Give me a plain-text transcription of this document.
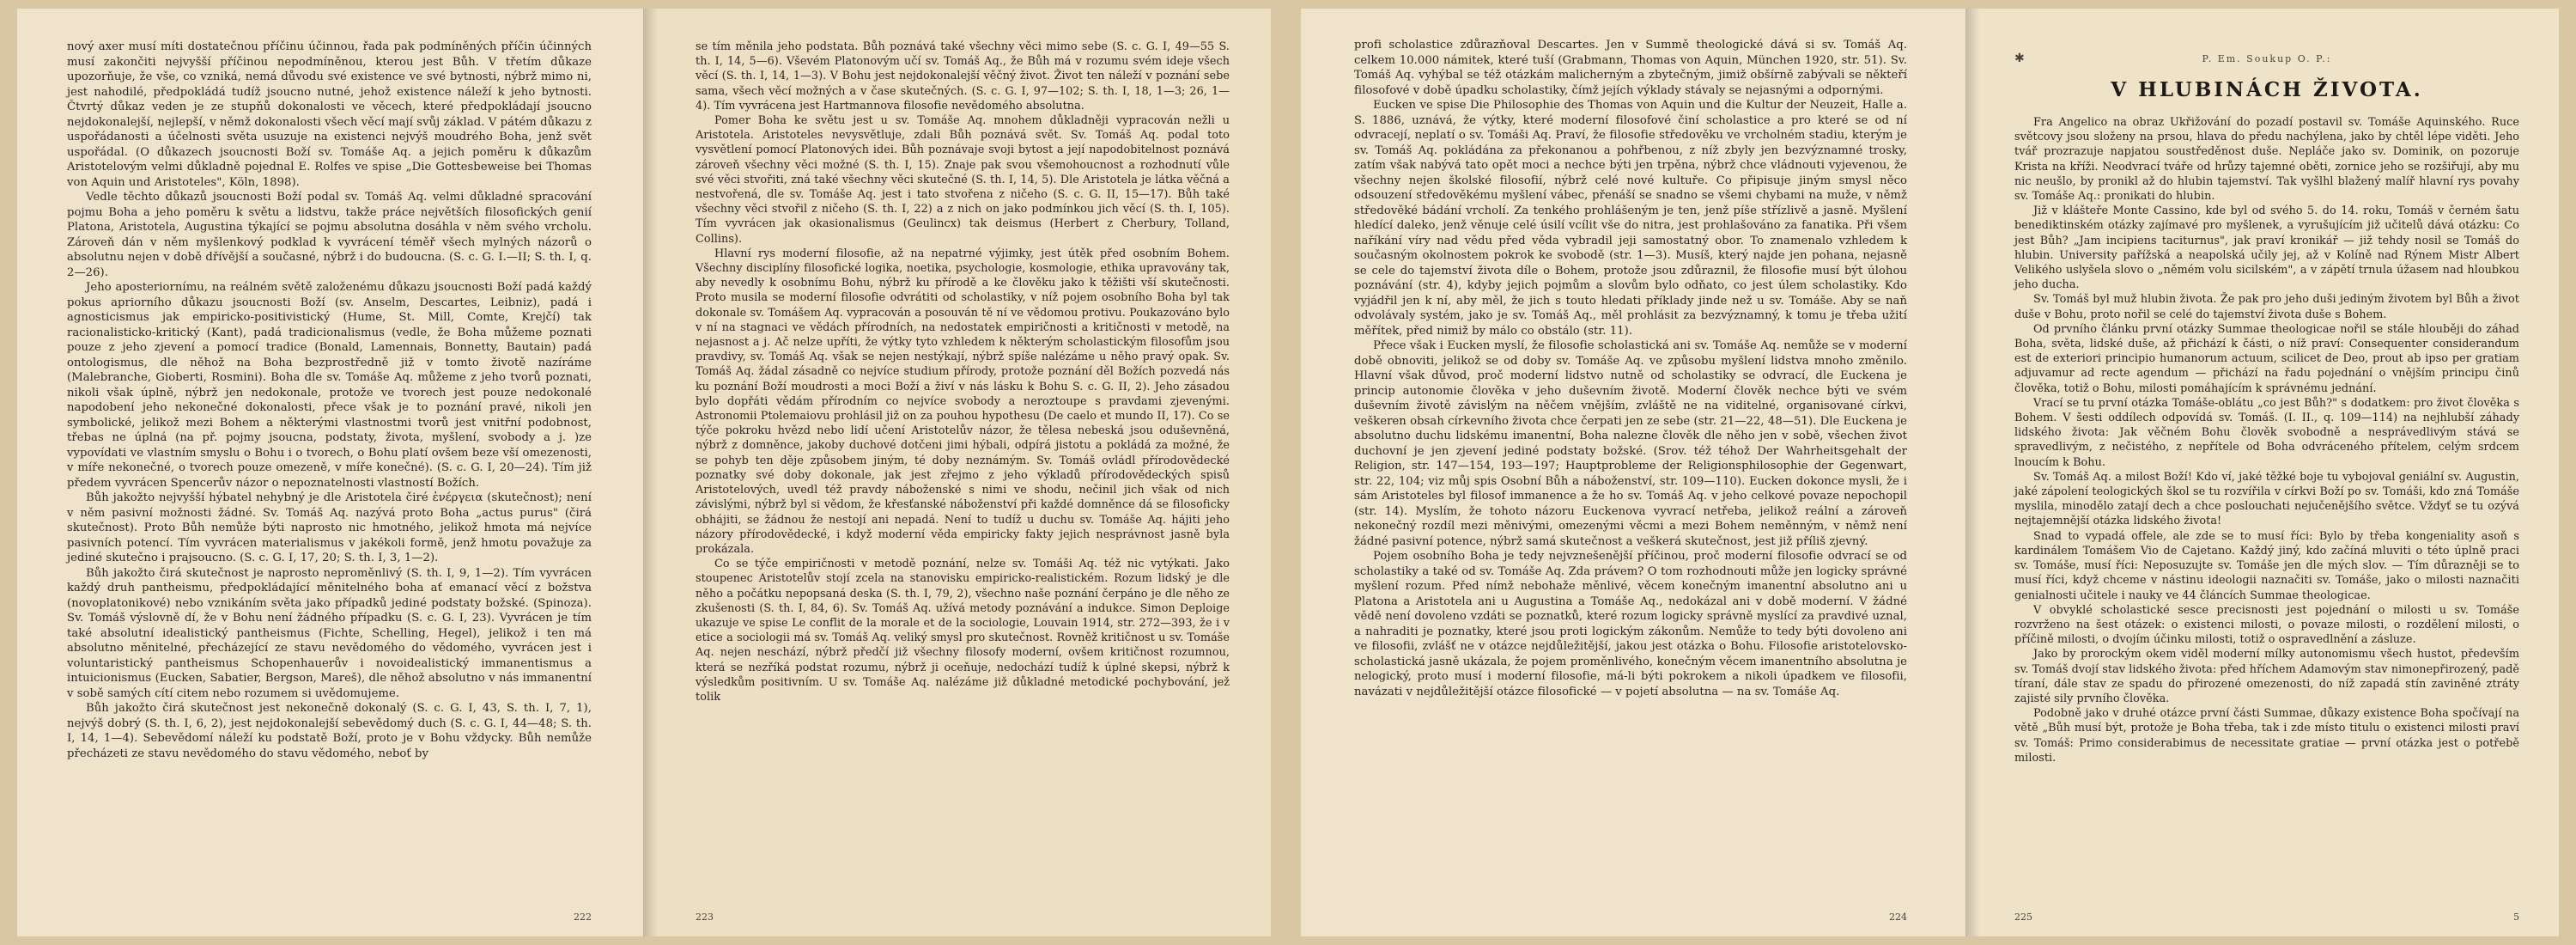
nový axer musí míti dostatečnou příčinu účinnou, řada pak podmíněných příčin účinných musí zakončiti nejvyšší příčinou nepodmíněnou, kterou jest Bůh. V třetím důkaze upozorňuje, že vše, co vzniká, nemá důvodu své existence ve své bytnosti, nýbrž mimo ni, jest nahodilé, předpokládá tudíž jsoucno nutné, jehož existence náleží k jeho bytnosti. Čtvrtý důkaz veden je ze stupňů dokonalosti ve věcech, které předpokládají jsoucno nejdokonalejší, nejlepší, v němž dokonalosti všech věcí mají svůj základ. V pátém důkazu z uspořádanosti a účelnosti světa usuzuje na existenci nejvýš moudrého Boha, jenž svět uspořádal. (O důkazech jsoucnosti Boží sv. Tomáše Aq. a jejich poměru k důkazům Aristotelovým velmi důkladně pojednal E. Rolfes ve spise „Die Gottesbeweise bei Thomas von Aquin und Aristoteles", Köln, 1898).

Vedle těchto důkazů jsoucnosti Boží podal sv. Tomáš Aq. velmi důkladné spracování pojmu Boha a jeho poměru k světu a lidstvu, takže práce největších filosofických genií Platona, Aristotela, Augustina týkající se pojmu absolutna dosáhla v něm svého vrcholu. Zároveň dán v něm myšlenkový podklad k vyvrácení téměř všech mylných názorů o absolutnu nejen v době dřívější a současné, nýbrž i do budoucna. (S. c. G. I.—II; S. th. I, q. 2—26).

Jeho aposteriornímu, na reálném světě založenému důkazu jsoucnosti Boží padá každý pokus apriorního důkazu jsoucnosti Boží (sv. Anselm, Descartes, Leibniz), padá i agnosticismus jak empiricko-positivistický (Hume, St. Mill, Comte, Krejčí) tak racionalisticko-kritický (Kant), padá tradicionalismus (vedle, že Boha můžeme poznati pouze z jeho zjevení a pomocí tradice (Bonald, Lamennais, Bonnetty, Bautain) padá ontologismus, dle něhož na Boha bezprostředně již v tomto životě nazíráme (Malebranche, Gioberti, Rosmini). Boha dle sv. Tomáše Aq. můžeme z jeho tvorů poznati, nikoli však úplně, nýbrž jen nedokonale, protože ve tvorech jest pouze nedokonalé napodobení jeho nekonečné dokonalosti, přece však je to poznání pravé, nikoli jen symbolické, jelikož mezi Bohem a některými vlastnostmi tvorů jest vnitřní podobnost, třebas ne úplná (na př. pojmy jsoucna, podstaty, života, myšlení, svobody a j. )ze vypovídati ve vlastním smyslu o Bohu i o tvorech, o Bohu platí ovšem beze vší omezenosti, v míře nekonečné, o tvorech pouze omezeně, v míře konečné). (S. c. G. I, 20—24). Tím již předem vyvrácen Spencerův názor o nepoznatelnosti vlastností Božích.

Bůh jakožto nejvyšší hýbatel nehybný je dle Aristotela čiré ἐνέργεια (skutečnost); není v něm pasivní možnosti žádné. Sv. Tomáš Aq. nazývá proto Boha „actus purus" (čirá skutečnost). Proto Bůh nemůže býti naprosto nic hmotného, jelikož hmota má nejvíce pasivních potencí. Tím vyvrácen materialismus v jakékoli formě, jenž hmotu považuje za jediné skutečno i prajsoucno. (S. c. G. I, 17, 20; S. th. I, 3, 1—2).

Bůh jakožto čirá skutečnost je naprosto neproměnlivý (S. th. I, 9, 1—2). Tím vyvrácen každý druh pantheismu, předpokládající měnitelného boha ať emanací věcí z božstva (novoplatonikové) nebo vznikáním světa jako případků jediné podstaty božské. (Spinoza). Sv. Tomáš výslovně dí, že v Bohu není žádného případku (S. c. G. I, 23). Vyvrácen je tím také absolutní idealistický pantheismus (Fichte, Schelling, Hegel), jelikož i ten má absolutno měnitelné, přecházející ze stavu nevědomého do vědomého, vyvrácen jest i voluntaristický pantheismus Schopenhauerův i novoidealistický immanentismus a intuicionismus (Eucken, Sabatier, Bergson, Mareš), dle něhož absolutno v nás immanentní v sobě samých cítí citem nebo rozumem si uvědomujeme.

Bůh jakožto čirá skutečnost jest nekonečně dokonalý (S. c. G. I, 43, S. th. I, 7, 1), nejvýš dobrý (S. th. I, 6, 2), jest nejdokonalejší sebevědomý duch (S. c. G. I, 44—48; S. th. I, 14, 1—4). Sebevědomí náleží ku podstatě Boží, proto je v Bohu vždycky. Bůh nemůže přecházeti ze stavu nevědomého do stavu vědomého, neboť by

222

se tím měnila jeho podstata. Bůh poznává také všechny věci mimo sebe (S. c. G. I, 49—55 S. th. I, 14, 5—6). Vševém Platonovým učí sv. Tomáš Aq., že Bůh má v rozumu svém ideje všech věcí (S. th. I, 14, 1—3). V Bohu jest nejdokonalejší věčný život. Život ten náleží v poznání sebe sama, všech věcí možných a v čase skutečných. (S. c. G. I, 97—102; S. th. I, 18, 1—3; 26, 1—4). Tím vyvrácena jest Hartmannova filosofie nevědomého absolutna.

Pomer Boha ke světu jest u sv. Tomáše Aq. mnohem důkladněji vypracován nežli u Aristotela. Aristoteles nevysvětluje, zdali Bůh poznává svět. Sv. Tomáš Aq. podal toto vysvětlení pomocí Platonových idei. Bůh poznávaje svoji bytost a její napodobitelnost poznává zároveň všechny věci možné (S. th. I, 15). Znaje pak svou všemohoucnost a rozhodnutí vůle své věci stvořiti, zná také všechny věci skutečné (S. th. I, 14, 5). Dle Aristotela je látka věčná a nestvořená, dle sv. Tomáše Aq. jest i tato stvořena z ničeho (S. c. G. II, 15—17). Bůh také všechny věci stvořil z ničeho (S. th. I, 22) a z nich on jako podmínkou jich věcí (S. th. I, 105). Tím vyvrácen jak okasionalismus (Geulincx) tak deismus (Herbert z Cherbury, Tolland, Collins).

Hlavní rys moderní filosofie, až na nepatrné výjimky, jest útěk před osobním Bohem. Všechny disciplíny filosofické logika, noetika, psychologie, kosmologie, ethika upravovány tak, aby nevedly k osobnímu Bohu, nýbrž ku přírodě a ke člověku jako k těžišti vší skutečnosti. Proto musila se moderní filosofie odvrátiti od scholastiky, v níž pojem osobního Boha byl tak dokonale sv. Tomášem Aq. vypracován a posouván tě ní ve vědomou protivu. Poukazováno bylo v ní na stagnaci ve vědách přírodních, na nedostatek empiričnosti a kritičnosti v metodě, na nejasnost a j. Ač nelze upříti, že výtky tyto vzhledem k některým scholastickým filosofům jsou pravdivy, sv. Tomáš Aq. však se nejen nestýkají, nýbrž spíše nalézáme u něho pravý opak. Sv. Tomáš Aq. žádal zásadně co nejvíce studium přírody, protože poznání děl Božích pozvedá nás ku poznání Boží moudrosti a moci Boží a živí v nás lásku k Bohu S. c. G. II, 2). Jeho zásadou bylo dopřáti vědám přírodním co nejvíce svobody a neroztoupe s pravdami zjevenými. Astronomii Ptolemaiovu prohlásil již on za pouhou hypothesu (De caelo et mundo II, 17). Co se týče pokroku hvězd nebo lidí učení Aristotelův názor, že tělesa nebeská jsou oduševněná, nýbrž z domněnce, jakoby duchové dotčeni jimi hýbali, odpírá jistotu a pokládá za možné, že se pohyb ten děje způsobem jiným, té doby neznámým. Sv. Tomáš ovládl přírodovědecké poznatky své doby dokonale, jak jest zřejmo z jeho výkladů přírodovědeckých spisů Aristotelových, uvedl též pravdy náboženské s nimi ve shodu, nečinil jich však od nich závislými, nýbrž byl si vědom, že křesťanské náboženství při každé domněnce dá se filosoficky obhájiti, se žádnou že nestojí ani nepadá. Není to tudíž u duchu sv. Tomáše Aq. hájiti jeho názory přírodovědecké, i když moderní věda empiricky fakty jejich nesprávnost jasně byla prokázala.

Co se týče empiričnosti v metodě poznání, nelze sv. Tomáši Aq. též nic vytýkati. Jako stoupenec Aristotelův stojí zcela na stanovisku empiricko-realistickém. Rozum lidský je dle něho a počátku nepopsaná deska (S. th. I, 79, 2), všechno naše poznání čerpáno je dle něho ze zkušenosti (S. th. I, 84, 6). Sv. Tomáš Aq. užívá metody poznávání a indukce. Simon Deploige ukazuje ve spise Le conflit de la morale et de la sociologie, Louvain 1914, str. 272—393, že i v etice a sociologii má sv. Tomáš Aq. veliký smysl pro skutečnost. Rovněž kritičnost u sv. Tomáše Aq. nejen neschází, nýbrž předčí již všechny filosofy moderní, ovšem kritičnost rozumnou, která se nezříká podstat rozumu, nýbrž ji oceňuje, nedochází tudíž k úplné skepsi, nýbrž k výsledkům positivním. U sv. Tomáše Aq. nalézáme již důkladné metodické pochybování, jež tolik

223

profi scholastice zdůrazňoval Descartes. Jen v Summě theologické dává si sv. Tomáš Aq. celkem 10.000 námitek, které tuší (Grabmann, Thomas von Aquin, München 1920, str. 51). Sv. Tomáš Aq. vyhýbal se též otázkám malicherným a zbytečným, jimiž obšírně zabývali se někteří filosofové v době úpadku scholastiky, čímž jejích výklady stávaly se nejasnými a odpornými.

Eucken ve spise Die Philosophie des Thomas von Aquin und die Kultur der Neuzeit, Halle a. S. 1886, uznává, že výtky, které moderní filosofové činí scholastice a pro které se od ní odvracejí, neplatí o sv. Tomáši Aq. Praví, že filosofie středověku ve vrcholném stadiu, kterým je sv. Tomáš Aq. pokládána za překonanou a pohřbenou, z níž zbyly jen bezvýznamné trosky, zatím však nabývá tato opět moci a nechce býti jen trpěna, nýbrž chce vládnouti vyjevenou, že všechny nejen školské filosofií, nýbrž celé nové kultuře. Co připisuje jiným smysl něco odsouzení středověkému myšlení vábec, přenáší se snadno se všemi chybami na muže, v němž středověké bádání vrcholí. Za tenkého prohlášeným je ten, jenž píše střízlivě a jasně. Myšlení hledící daleko, jenž věnuje celé úsilí vcílit vše do nitra, jest prohlašováno za fanatika. Při všem naříkání víry nad vědu před věda vybradil jeji samostatný obor. To znamenalo vzhledem k současným okolnostem pokrok ke svobodě (str. 1—3). Musíš, který najde jen pohana, nejasně se cele do tajemství života díle o Bohem, protože jsou zdůraznil, že filosofie musí být úlohou poznávání (str. 4), kdyby jejich pojmům a slovům bylo odňato, co jest úlem scholastiky. Kdo vyjádřil jen k ní, aby měl, že jich s touto hledati příklady jinde než u sv. Tomáše. Aby se naň odvolávaly systém, jako je sv. Tomáš Aq., měl prohlásit za bezvýznamný, k tomu je třeba užití měřítek, před nimiž by málo co obstálo (str. 11).

Přece však i Eucken myslí, že filosofie scholastická ani sv. Tomáše Aq. nemůže se v moderní době obnoviti, jelikož se od doby sv. Tomáše Aq. ve způsobu myšlení lidstva mnoho změnilo. Hlavní však důvod, proč moderní lidstvo nutně od scholastiky se odvrací, dle Euckena je princip autonomie člověka v jeho duševním životě. Moderní člověk nechce býti ve svém duševním životě závislým na něčem vnějším, zvláště ne na viditelné, organisované církvi, veškeren obsah církevního života chce čerpati jen ze sebe (str. 21—22, 48—51). Dle Euckena je absolutno duchu lidskému imanentní, Boha nalezne člověk dle něho jen v sobě, všechen život duchovní je jen zjevení jediné podstaty božské. (Srov. též téhož Der Wahrheitsgehalt der Religion, str. 147—154, 193—197; Hauptprobleme der Religionsphilosophie der Gegenwart, str. 22, 104; viz můj spis Osobní Bůh a náboženství, str. 109—110). Eucken dokonce mysli, že i sám Aristoteles byl filosof immanence a že ho sv. Tomáš Aq. v jeho celkové povaze nepochopil (str. 14). Myslím, že tohoto názoru Euckenova vyvrací netřeba, jelikož reální a zároveň nekonečný rozdíl mezi měnivými, omezenými věcmi a mezi Bohem neměnným, v němž není žádné pasivní potence, nýbrž samá skutečnost a veškerá skutečnost, jest již příliš zjevný.

Pojem osobního Boha je tedy nejvznešenější příčinou, proč moderní filosofie odvrací se od scholastiky a také od sv. Tomáše Aq. Zda právem? O tom rozhodnouti může jen logicky správné myšlení rozum. Před nímž nebohaže měnlivé, věcem konečným imanentní absolutno ani u Platona a Aristotela ani u Augustina a Tomáše Aq., nedokázal ani v době moderní. V žádné vědě není dovoleno vzdáti se poznatků, které rozum logicky správně myslící za pravdivé uznal, a nahraditi je poznatky, které jsou proti logickým zákonům. Nemůže to tedy býti dovoleno ani ve filosofii, zvlášť ne v otázce nejdůležitější, jakou jest otázka o Bohu. Filosofie aristotelovsko-scholastická jasně ukázala, že pojem proměnlivého, konečným věcem imanentního absolutna je nelogický, proto musí i moderní filosofie, má-li býti pokrokem a nikoli úpadkem ve filosofii, navázati v nejdůležitější otázce filosofické — v pojetí absolutna — na sv. Tomáše Aq.

224
✱	P. Em. Soukup O. P.:
V HLUBINÁCH ŽIVOTA.

Fra Angelico na obraz Ukřižování do pozadí postavil sv. Tomáše Aquinského. Ruce světcovy jsou složeny na prsou, hlava do předu nachýlena, jako by chtěl lépe viděti. Jeho tvář prozrazuje napjatou soustředěnost duše. Nepláče jako sv. Dominik, on pozoruje Krista na kříži. Neodvrací tváře od hrůzy tajemné oběti, zornice jeho se rozšiřují, aby mu nic neušlo, by pronikl až do hlubin tajemství. Tak vyšlhl blažený malíř hlavní rys povahy sv. Tomáše Aq.: pronikati do hlubin.

Již v klášteře Monte Cassino, kde byl od svého 5. do 14. roku, Tomáš v černém šatu benediktinském otázky zajímavé pro myšlenek, a vyrušujícím již učitelů dává otázku: Co jest Bůh? „Jam incipiens taciturnus", jak praví kronikář — již tehdy nosil se Tomáš do hlubin. University pařížská a neapolská učily jej, až v Kolíně nad Rýnem Mistr Albert Velikého uslyšela slovo o „němém volu sicilském", a v zápětí trnula úžasem nad hloubkou jeho ducha.

Sv. Tomáš byl muž hlubin života. Že pak pro jeho duši jediným životem byl Bůh a život duše v Bohu, proto nořil se celé do tajemství života duše s Bohem.

Od prvního článku první otázky Summae theologicae nořil se stále hlouběji do záhad Boha, světa, lidské duše, až přichází k části, o níž praví: Consequenter considerandum est de exteriori principio humanorum actuum, scilicet de Deo, prout ab ipso per gratiam adjuvamur ad recte agendum — přichází na řadu pojednání o vnějším principu činů člověka, totiž o Bohu, milosti pomáhajícím k správnému jednání.

Vrací se tu první otázka Tomáše-oblátu „co jest Bůh?" s dodatkem: pro život člověka s Bohem. V šesti oddílech odpovídá sv. Tomáš. (I. II., q. 109—114) na nejhlubší záhady lidského života: Jak věčném Bohu člověk svobodně a nesprávedlivým stává se spravedlivým, z nečistého, z nepřítele od Boha odvráceného přítelem, celým srdcem lnoucím k Bohu.

Sv. Tomáš Aq. a milost Boží! Kdo ví, jaké těžké boje tu vybojoval geniální sv. Augustin, jaké zápolení teologických škol se tu rozvířila v církvi Boží po sv. Tomáši, kdo zná Tomáše myslila, minodělo zatají dech a chce poslouchati nejučenějšího světce. Vždyť se tu ozývá nejtajemnější otázka lidského života!

Snad to vypadá offele, ale zde se to musí říci: Bylo by třeba kongeniality asoň s kardinálem Tomášem Vio de Cajetano. Každý jiný, kdo začíná mluviti o této úplně praci sv. Tomáše, musí říci: Neposuzujte sv. Tomáše jen dle mých slov. — Tím důrazněji se to musí říci, když chceme v nástinu ideologii naznačiti sv. Tomáše, jako o milosti naznačiti genialnosti učitele i nauky ve 44 článcích Summae theologicae.

V obvyklé scholastické sesce precisnosti jest pojednání o milosti u sv. Tomáše rozvrženo na šest otázek: o existenci milosti, o povaze milosti, o rozdělení milosti, o příčině milosti, o dvojím účinku milosti, totiž o ospravedlnění a zásluze.

Jako by prorockým okem viděl moderní mílky autonomismu všech hustot, především sv. Tomáš dvojí stav lidského života: před hříchem Adamovým stav nimonepřirozený, padě tíraní, dále stav ze spadu do přirozené omezenosti, do níž zapadá stín zaviněné ztráty zajisté sily prvního člověka.

Podobně jako v druhé otázce první části Summae, důkazy existence Boha spočívají na větě „Bůh musí být, protože je Boha třeba, tak i zde místo titulu o existenci milosti praví sv. Tomáš: Primo considerabimus de necessitate gratiae — první otázka jest o potřebě milosti.

225	5
